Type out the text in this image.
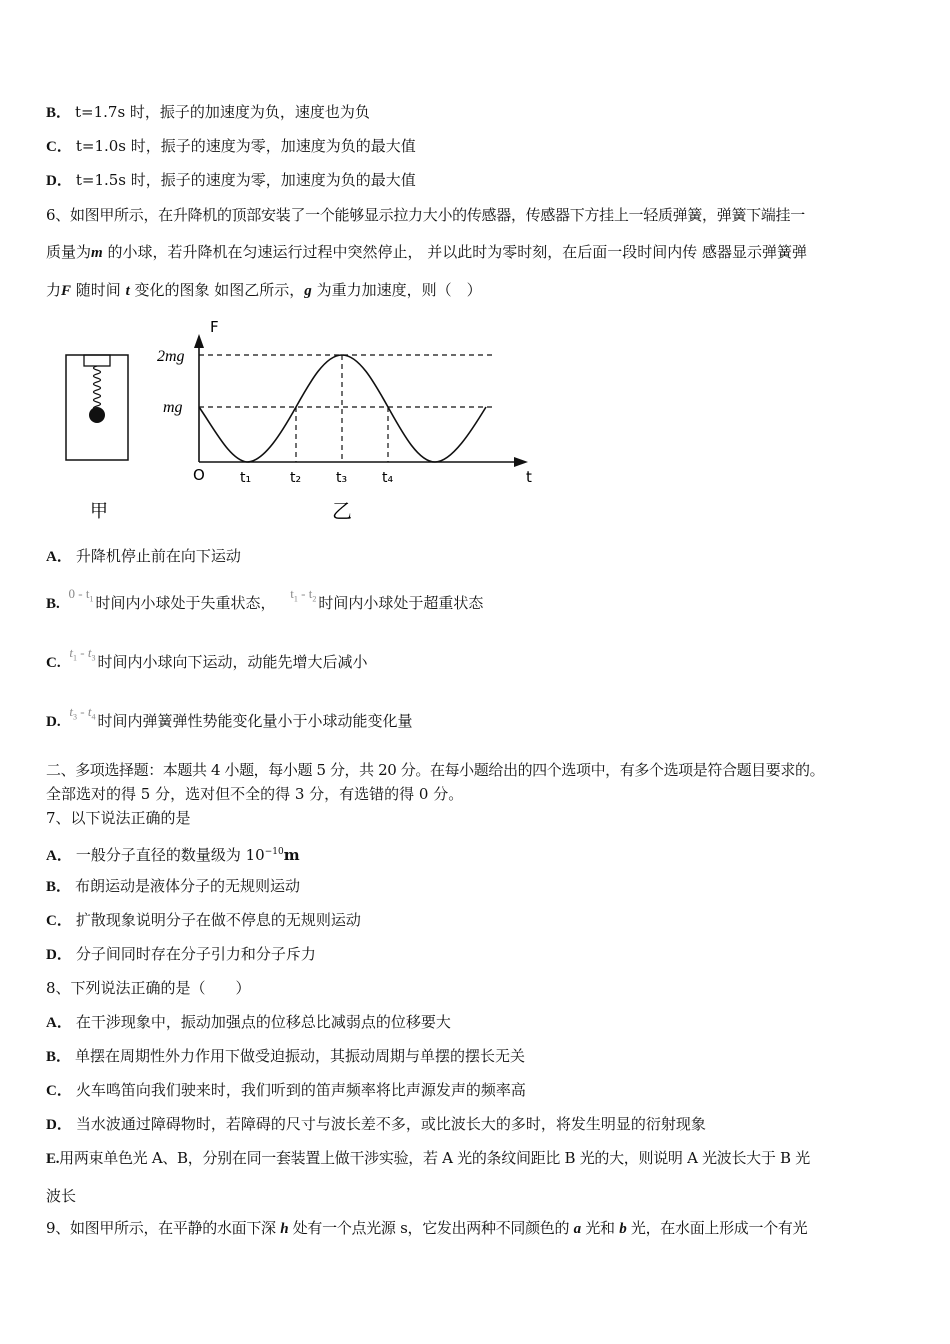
B． t=1.7s 时，振子的加速度为负，速度也为负
C． t=1.0s 时，振子的速度为零，加速度为负的最大值
D． t=1.5s 时，振子的速度为零，加速度为负的最大值
6、如图甲所示，在升降机的顶部安装了一个能够显示拉力大小的传感器，传感器下方挂上一轻质弹簧，弹簧下端挂一
质量为m 的小球，若升降机在匀速运行过程中突然停止， 并以此时为零时刻，在后面一段时间内传 感器显示弹簧弹
力F 随时间 t 变化的图象 如图乙所示，g 为重力加速度，则（　）
F
t
O
2mg
mg
t₁	t₂ t₃ t₄
甲	乙
A． 升降机停止前在向下运动
B. $0 - t_1$ 时间内小球处于失重状态， $t_1 - t_2$ 时间内小球处于超重状态
C. $t_1 - t_3$ 时间内小球向下运动，动能先增大后减小
D. $t_3 - t_4$ 时间内弹簧弹性势能变化量小于小球动能变化量
二、多项选择题：本题共 4 小题，每小题 5 分，共 20 分。在每小题给出的四个选项中，有多个选项是符合题目要求的。
全部选对的得 5 分，选对但不全的得 3 分，有选错的得 0 分。
7、以下说法正确的是
A． 一般分子直径的数量级为 $10^{-10}m$
B． 布朗运动是液体分子的无规则运动
C． 扩散现象说明分子在做不停息的无规则运动
D． 分子间同时存在分子引力和分子斥力
8、下列说法正确的是（　　）
A． 在干涉现象中，振动加强点的位移总比减弱点的位移要大
B． 单摆在周期性外力作用下做受迫振动，其振动周期与单摆的摆长无关
C． 火车鸣笛向我们驶来时，我们听到的笛声频率将比声源发声的频率高
D． 当水波通过障碍物时，若障碍的尺寸与波长差不多，或比波长大的多时，将发生明显的衍射现象
E.用两束单色光 A、B，分别在同一套装置上做干涉实验，若 A 光的条纹间距比 B 光的大，则说明 A 光波长大于 B 光
波长
9、如图甲所示，在平静的水面下深 h 处有一个点光源 s，它发出两种不同颜色的 a 光和 b 光，在水面上形成一个有光
